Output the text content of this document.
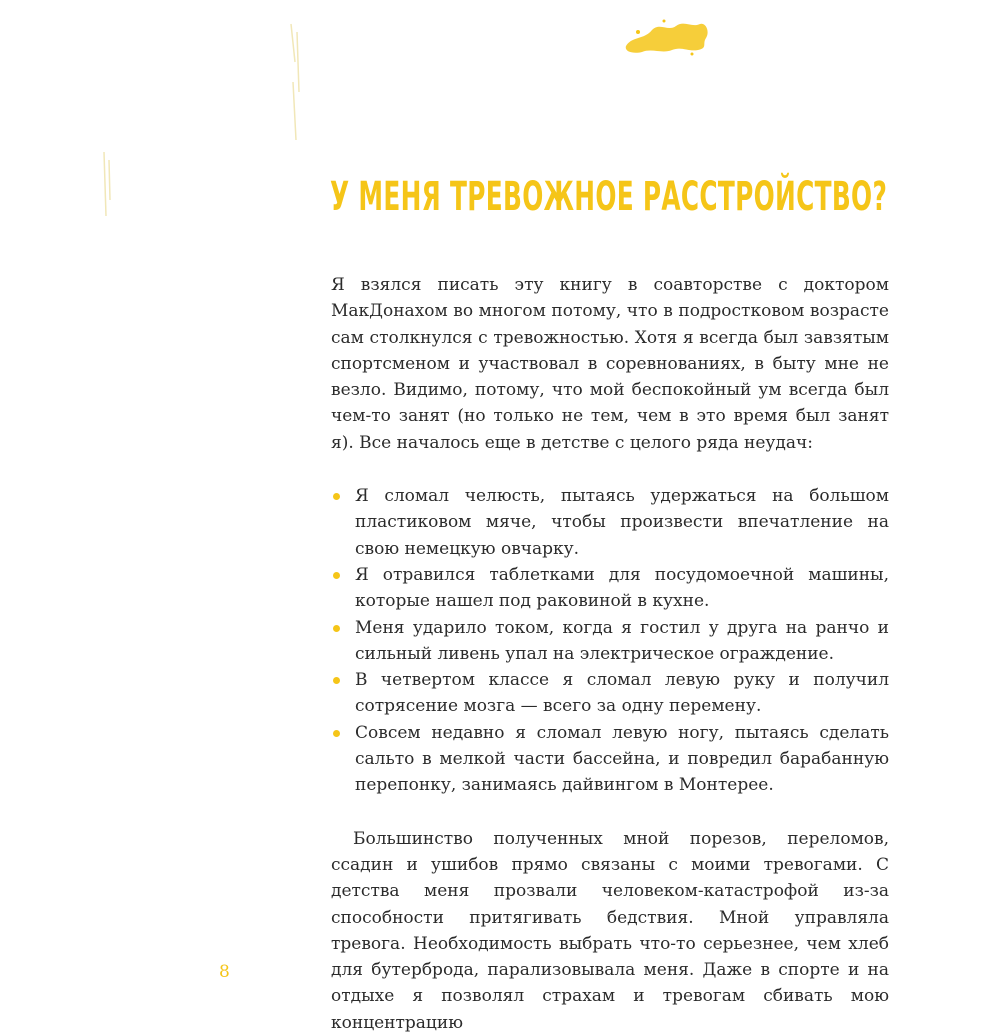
У МЕНЯ ТРЕВОЖНОЕ РАССТРОЙСТВО?

Я взялся писать эту книгу в соавторстве с доктором МакДонахом во многом потому, что в подростковом возрасте сам столкнулся с тревожностью. Хотя я всегда был завзятым спортсменом и участвовал в соревнованиях, в быту мне не везло. Видимо, потому, что мой беспокойный ум всегда был чем-то занят (но только не тем, чем в это время был занят я). Все началось еще в детстве с целого ряда неудач:

Я сломал челюсть, пытаясь удержаться на большом пластиковом мяче, чтобы произвести впечатление на свою немецкую овчарку.
Я отравился таблетками для посудомоечной машины, которые нашел под раковиной в кухне.
Меня ударило током, когда я гостил у друга на ранчо и сильный ливень упал на электрическое ограждение.
В четвертом классе я сломал левую руку и получил сотрясение мозга — всего за одну перемену.
Совсем недавно я сломал левую ногу, пытаясь сделать сальто в мелкой части бассейна, и повредил барабанную перепонку, занимаясь дайвингом в Монтерее.

Большинство полученных мной порезов, переломов, ссадин и ушибов прямо связаны с моими тревогами. С детства меня прозвали человеком-катастрофой из-за способности притягивать бедствия. Мной управляла тревога. Необходимость выбрать что-то серьезнее, чем хлеб для бутерброда, парализовывала меня. Даже в спорте и на отдыхе я позволял страхам и тревогам сбивать мою концентрацию

8
